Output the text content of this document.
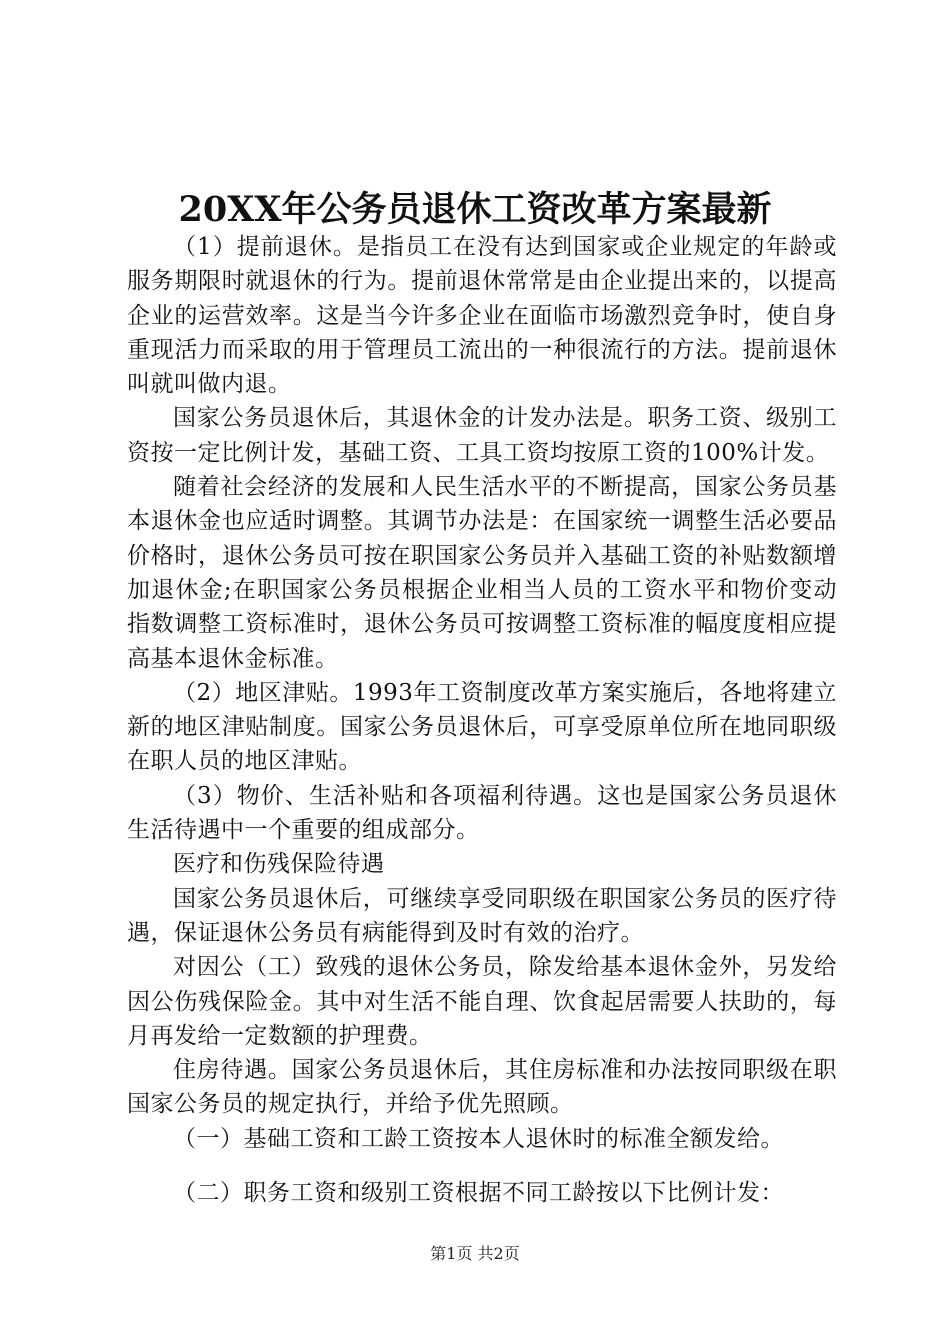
20XX年公务员退休工资改革方案最新

（1）提前退休。是指员工在没有达到国家或企业规定的年龄或服务期限时就退休的行为。提前退休常常是由企业提出来的，以提高企业的运营效率。这是当今许多企业在面临市场激烈竞争时，使自身重现活力而采取的用于管理员工流出的一种很流行的方法。提前退休叫就叫做内退。

国家公务员退休后，其退休金的计发办法是。职务工资、级别工资按一定比例计发，基础工资、工具工资均按原工资的100%计发。

随着社会经济的发展和人民生活水平的不断提高，国家公务员基本退休金也应适时调整。其调节办法是：在国家统一调整生活必要品价格时，退休公务员可按在职国家公务员并入基础工资的补贴数额增加退休金;在职国家公务员根据企业相当人员的工资水平和物价变动指数调整工资标准时，退休公务员可按调整工资标准的幅度度相应提高基本退休金标准。

（2）地区津贴。1993年工资制度改革方案实施后，各地将建立新的地区津贴制度。国家公务员退休后，可享受原单位所在地同职级在职人员的地区津贴。

（3）物价、生活补贴和各项福利待遇。这也是国家公务员退休生活待遇中一个重要的组成部分。

医疗和伤残保险待遇

国家公务员退休后，可继续享受同职级在职国家公务员的医疗待遇，保证退休公务员有病能得到及时有效的治疗。

对因公（工）致残的退休公务员，除发给基本退休金外，另发给因公伤残保险金。其中对生活不能自理、饮食起居需要人扶助的，每月再发给一定数额的护理费。

住房待遇。国家公务员退休后，其住房标准和办法按同职级在职国家公务员的规定执行，并给予优先照顾。

（一）基础工资和工龄工资按本人退休时的标准全额发给。

（二）职务工资和级别工资根据不同工龄按以下比例计发：

第1页 共2页
